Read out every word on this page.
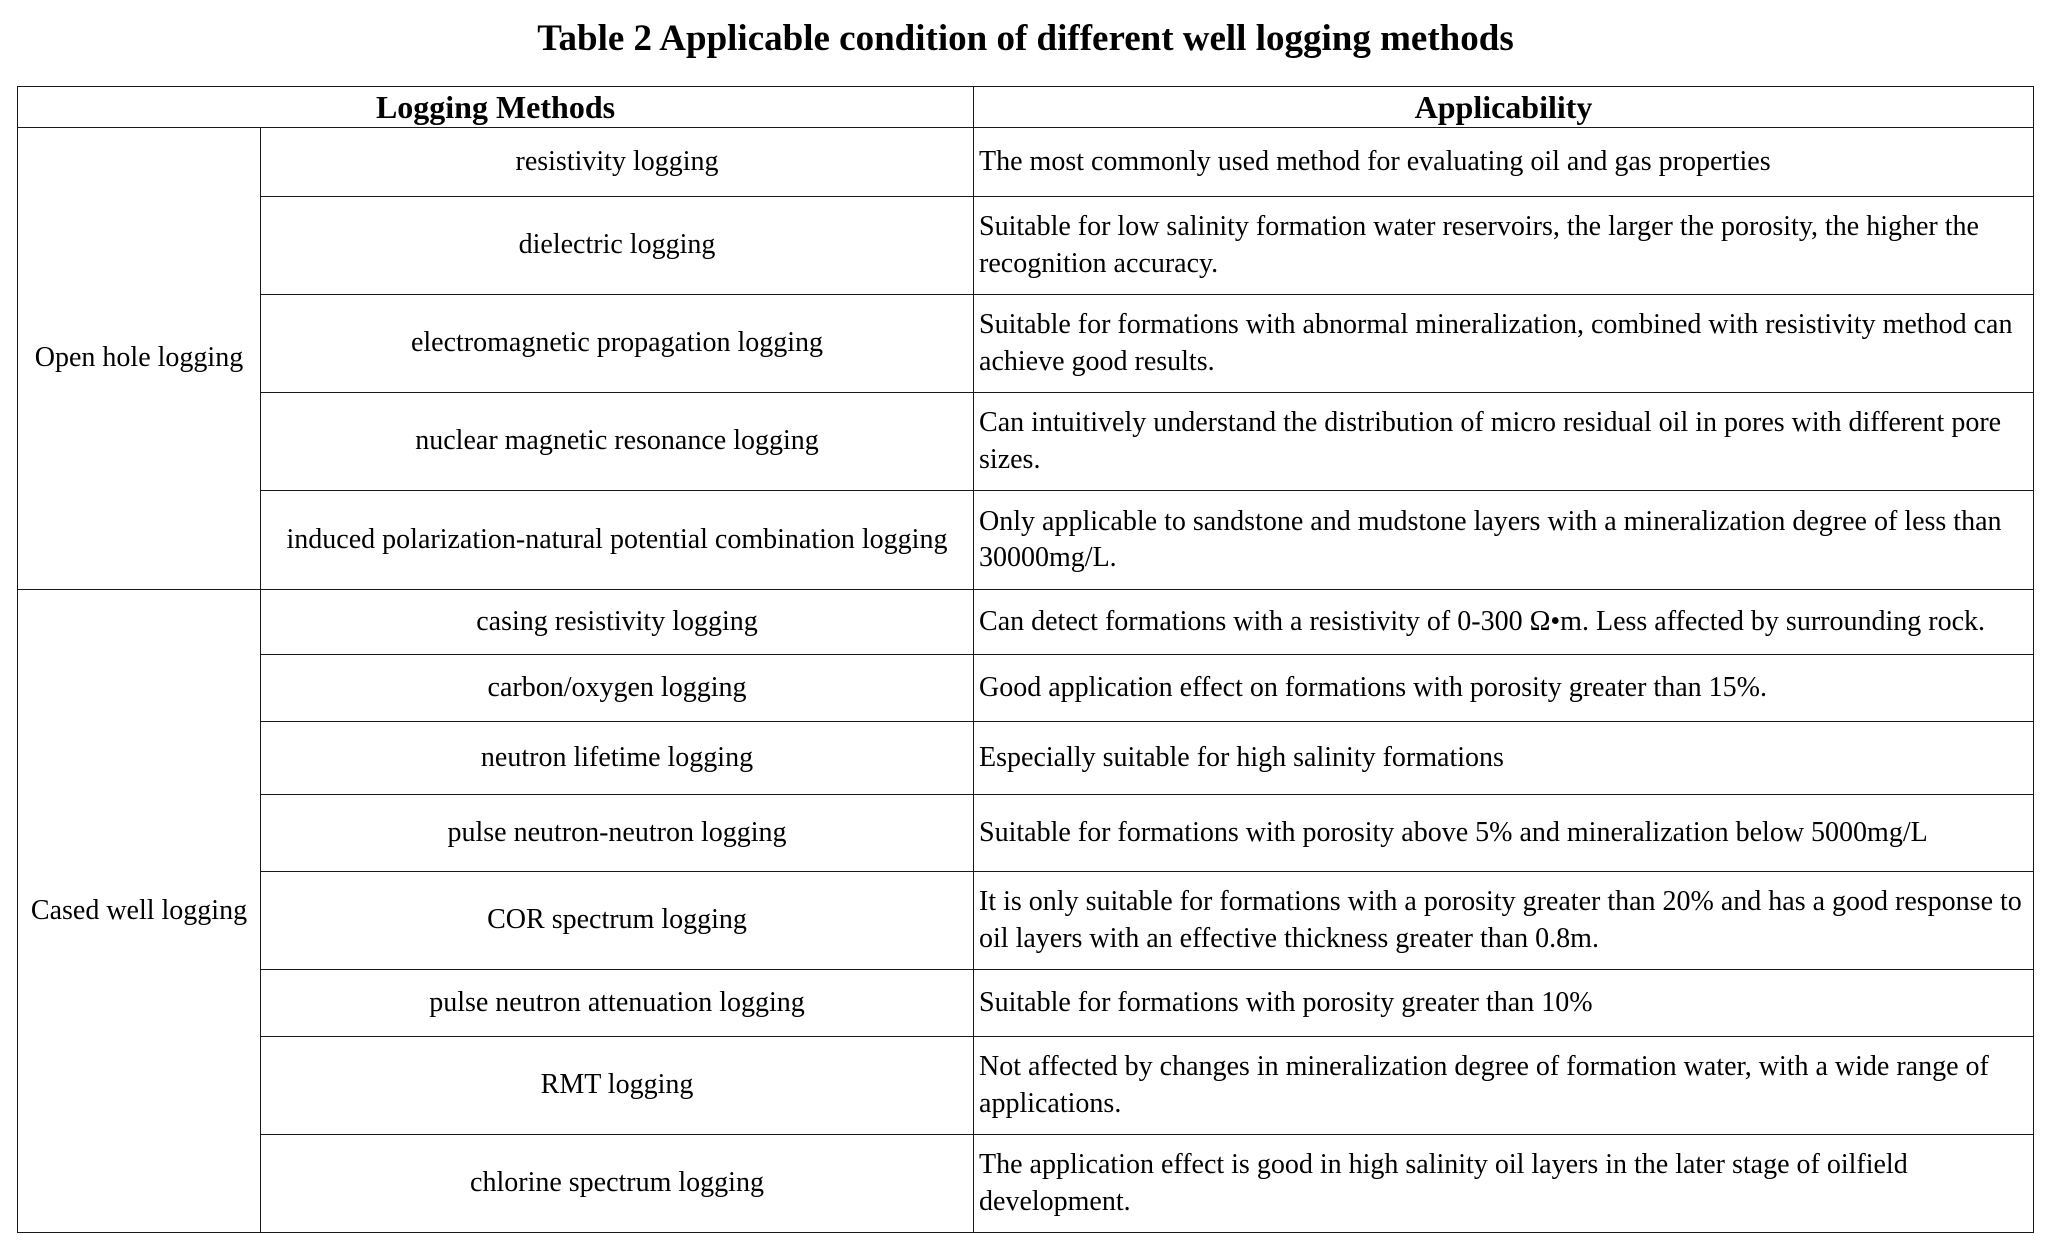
Table 2 Applicable condition of different well logging methods
Logging Methods		Applicability
Open hole logging	resistivity logging	The most commonly used method for evaluating oil and gas properties
	dielectric logging	Suitable for low salinity formation water reservoirs, the larger the porosity, the higher the recognition accuracy.
	electromagnetic propagation logging	Suitable for formations with abnormal mineralization, combined with resistivity method can achieve good results.
	nuclear magnetic resonance logging	Can intuitively understand the distribution of micro residual oil in pores with different pore sizes.
	induced polarization-natural potential combination logging	Only applicable to sandstone and mudstone layers with a mineralization degree of less than 30000mg/L.
Cased well logging	casing resistivity logging	Can detect formations with a resistivity of 0-300 Ω•m. Less affected by surrounding rock.
	carbon/oxygen logging	Good application effect on formations with porosity greater than 15%.
	neutron lifetime logging	Especially suitable for high salinity formations
	pulse neutron-neutron logging	Suitable for formations with porosity above 5% and mineralization below 5000mg/L
	COR spectrum logging	It is only suitable for formations with a porosity greater than 20% and has a good response to oil layers with an effective thickness greater than 0.8m.
	pulse neutron attenuation logging	Suitable for formations with porosity greater than 10%
	RMT logging	Not affected by changes in mineralization degree of formation water, with a wide range of applications.
	chlorine spectrum logging	The application effect is good in high salinity oil layers in the later stage of oilfield development.
